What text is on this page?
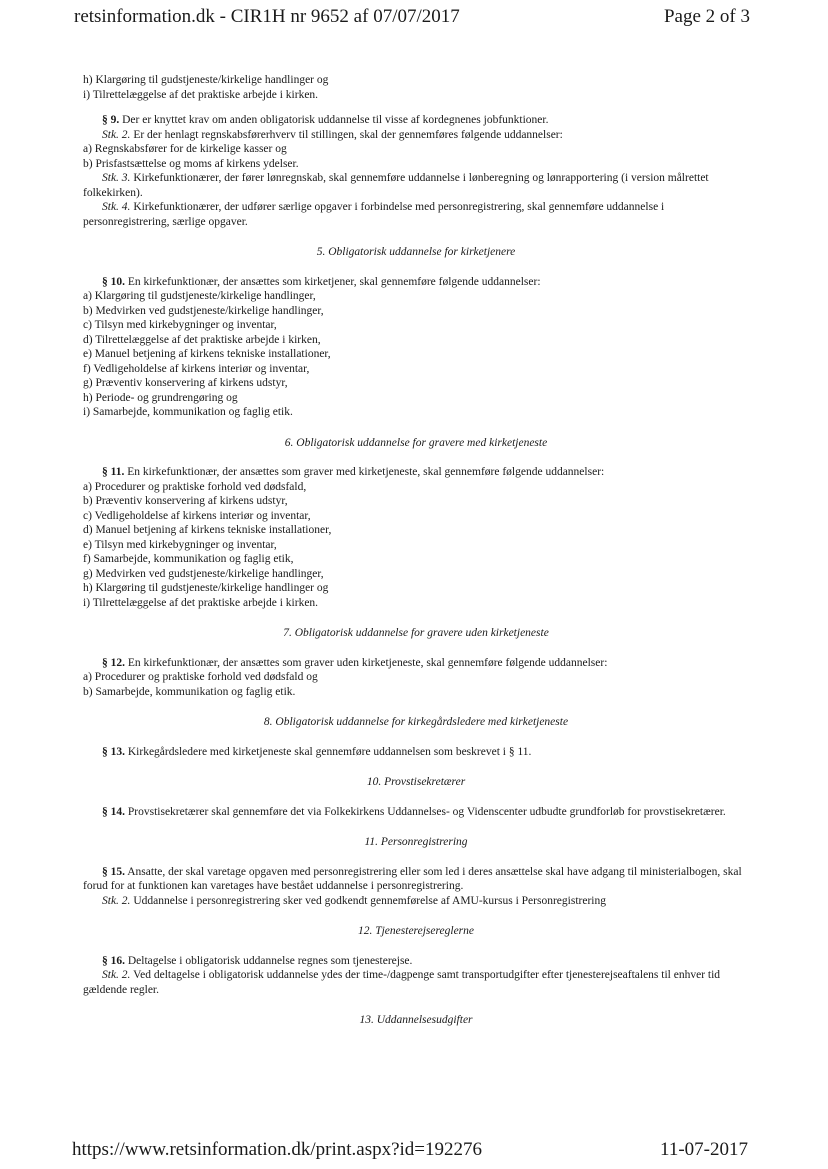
retsinformation.dk - CIR1H nr 9652 af 07/07/2017	Page 2 of 3
h) Klargøring til gudstjeneste/kirkelige handlinger og
i) Tilrettelæggelse af det praktiske arbejde i kirken.
§ 9. Der er knyttet krav om anden obligatorisk uddannelse til visse af kordegnenes jobfunktioner.
Stk. 2. Er der henlagt regnskabsførerhverv til stillingen, skal der gennemføres følgende uddannelser:
a) Regnskabsfører for de kirkelige kasser og
b) Prisfastsættelse og moms af kirkens ydelser.
Stk. 3. Kirkefunktionærer, der fører lønregnskab, skal gennemføre uddannelse i lønberegning og lønrapportering (i version målrettet folkekirken).
Stk. 4. Kirkefunktionærer, der udfører særlige opgaver i forbindelse med personregistrering, skal gennemføre uddannelse i personregistrering, særlige opgaver.
5. Obligatorisk uddannelse for kirketjenere
§ 10. En kirkefunktionær, der ansættes som kirketjener, skal gennemføre følgende uddannelser:
a) Klargøring til gudstjeneste/kirkelige handlinger,
b) Medvirken ved gudstjeneste/kirkelige handlinger,
c) Tilsyn med kirkebygninger og inventar,
d) Tilrettelæggelse af det praktiske arbejde i kirken,
e) Manuel betjening af kirkens tekniske installationer,
f) Vedligeholdelse af kirkens interiør og inventar,
g) Præventiv konservering af kirkens udstyr,
h) Periode- og grundrengøring og
i) Samarbejde, kommunikation og faglig etik.
6. Obligatorisk uddannelse for gravere med kirketjeneste
§ 11. En kirkefunktionær, der ansættes som graver med kirketjeneste, skal gennemføre følgende uddannelser:
a) Procedurer og praktiske forhold ved dødsfald,
b) Præventiv konservering af kirkens udstyr,
c) Vedligeholdelse af kirkens interiør og inventar,
d) Manuel betjening af kirkens tekniske installationer,
e) Tilsyn med kirkebygninger og inventar,
f) Samarbejde, kommunikation og faglig etik,
g) Medvirken ved gudstjeneste/kirkelige handlinger,
h) Klargøring til gudstjeneste/kirkelige handlinger og
i) Tilrettelæggelse af det praktiske arbejde i kirken.
7. Obligatorisk uddannelse for gravere uden kirketjeneste
§ 12. En kirkefunktionær, der ansættes som graver uden kirketjeneste, skal gennemføre følgende uddannelser:
a) Procedurer og praktiske forhold ved dødsfald og
b) Samarbejde, kommunikation og faglig etik.
8. Obligatorisk uddannelse for kirkegårdsledere med kirketjeneste
§ 13. Kirkegårdsledere med kirketjeneste skal gennemføre uddannelsen som beskrevet i § 11.
10. Provstisekretærer
§ 14. Provstisekretærer skal gennemføre det via Folkekirkens Uddannelses- og Videnscenter udbudte grundforløb for provstisekretærer.
11. Personregistrering
§ 15. Ansatte, der skal varetage opgaven med personregistrering eller som led i deres ansættelse skal have adgang til ministerialbogen, skal forud for at funktionen kan varetages have bestået uddannelse i personregistrering.
Stk. 2. Uddannelse i personregistrering sker ved godkendt gennemførelse af AMU-kursus i Personregistrering
12. Tjenesterejsereglerne
§ 16. Deltagelse i obligatorisk uddannelse regnes som tjenesterejse.
Stk. 2. Ved deltagelse i obligatorisk uddannelse ydes der time-/dagpenge samt transportudgifter efter tjenesterejseaftalens til enhver tid gældende regler.
13. Uddannelsesudgifter
https://www.retsinformation.dk/print.aspx?id=192276	11-07-2017
